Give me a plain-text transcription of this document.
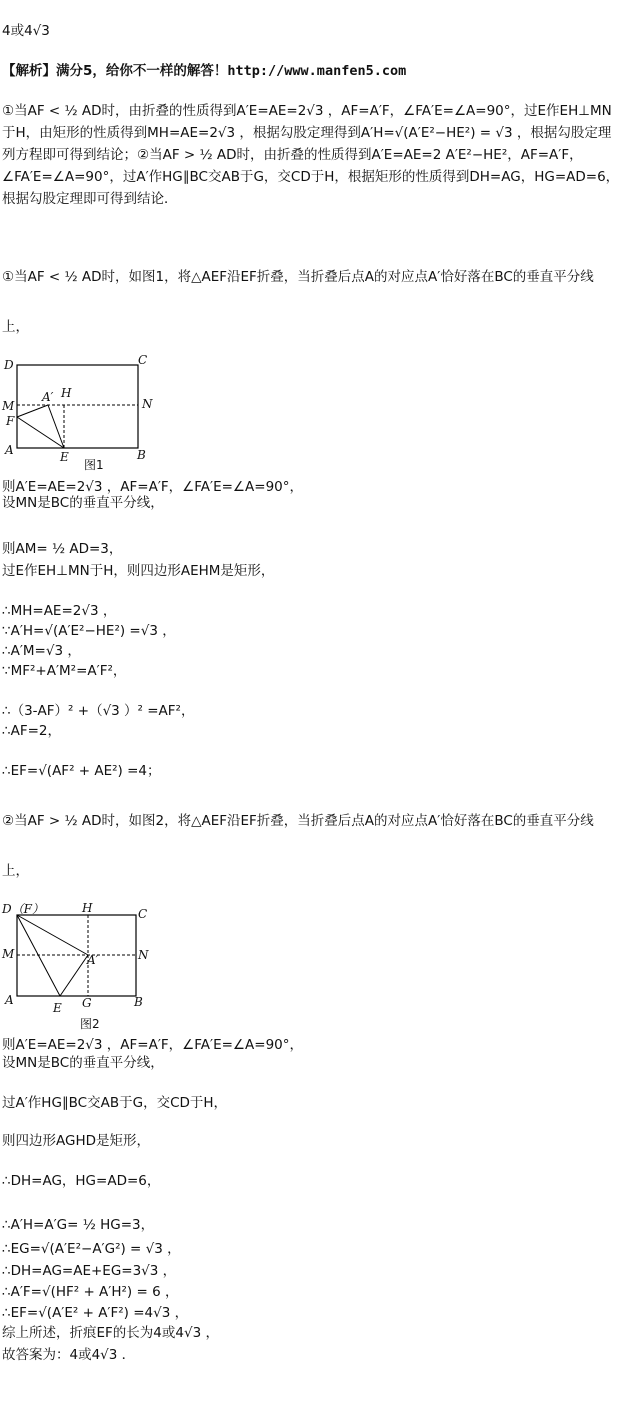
4或4√3
【解析】满分5，给你不一样的解答！http://www.manfen5.com
①当AF < ½ AD时，由折叠的性质得到A′E=AE=2√3 ，AF=A′F，∠FA′E=∠A=90°，过E作EH⊥MN于H，由矩形的性质得到MH=AE=2√3 ，根据勾股定理得到A′H=√(A′E²−HE²) = √3 ，根据勾股定理列方程即可得到结论；②当AF > ½ AD时，由折叠的性质得到A′E=AE=2 A′E²−HE²，AF=A′F，∠FA′E=∠A=90°，过A′作HG∥BC交AB于G，交CD于H，根据矩形的性质得到DH=AG，HG=AD=6，根据勾股定理即可得到结论．
①当AF < ½ AD时，如图1，将△AEF沿EF折叠，当折叠后点A的对应点A′恰好落在BC的垂直平分线
上，
D	C
M	N
F
A	E	B
A′ H
图1
则A′E=AE=2√3 ，AF=A′F，∠FA′E=∠A=90°，
设MN是BC的垂直平分线，
则AM= ½ AD=3，
过E作EH⊥MN于H，则四边形AEHM是矩形，
∴MH=AE=2√3 ，
∵A′H=√(A′E²−HE²) =√3 ，
∴A′M=√3 ，
∵MF²+A′M²=A′F²，
∴（3-AF）² +（√3 ）² =AF²，
∴AF=2，
∴EF=√(AF² + AE²) =4；
②当AF > ½ AD时，如图2，将△AEF沿EF折叠，当折叠后点A的对应点A′恰好落在BC的垂直平分线
上，
D（F）	H	C
M	N
A′
A
E G	B
图2
则A′E=AE=2√3 ，AF=A′F，∠FA′E=∠A=90°，
设MN是BC的垂直平分线，
过A′作HG∥BC交AB于G，交CD于H，
则四边形AGHD是矩形，
∴DH=AG，HG=AD=6，
∴A′H=A′G= ½ HG=3，
∴EG=√(A′E²−A′G²) = √3 ，
∴DH=AG=AE+EG=3√3 ，
∴A′F=√(HF² + A′H²) = 6 ，
∴EF=√(A′E² + A′F²) =4√3 ，
综上所述，折痕EF的长为4或4√3 ，
故答案为：4或4√3 ．
